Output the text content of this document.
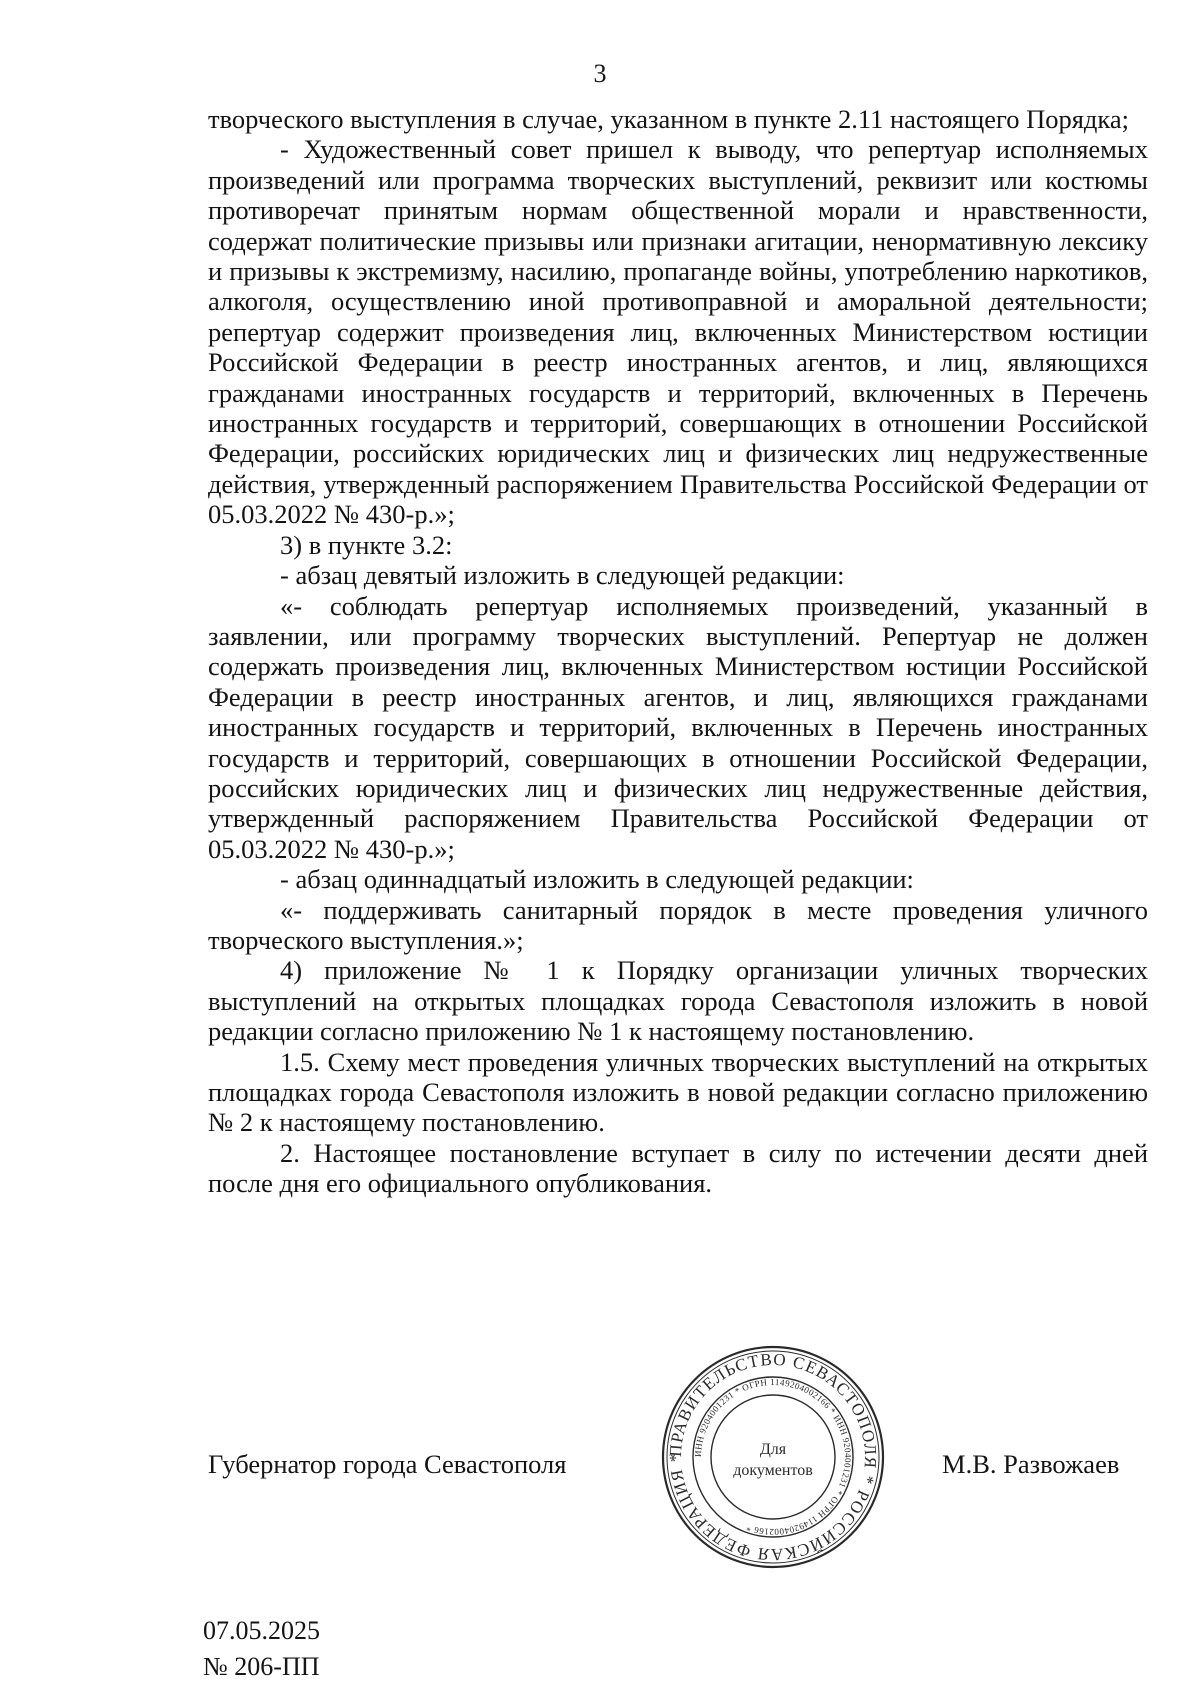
3

творческого выступления в случае, указанном в пункте 2.11 настоящего Порядка;

- Художественный совет пришел к выводу, что репертуар исполняемых произведений или программа творческих выступлений, реквизит или костюмы противоречат принятым нормам общественной морали и нравственности, содержат политические призывы или признаки агитации, ненормативную лексику и призывы к экстремизму, насилию, пропаганде войны, употреблению наркотиков, алкоголя, осуществлению иной противоправной и аморальной деятельности; репертуар содержит произведения лиц, включенных Министерством юстиции Российской Федерации в реестр иностранных агентов, и лиц, являющихся гражданами иностранных государств и территорий, включенных в Перечень иностранных государств и территорий, совершающих в отношении Российской Федерации, российских юридических лиц и физических лиц недружественные действия, утвержденный распоряжением Правительства Российской Федерации от 05.03.2022 № 430-р.»;

3) в пункте 3.2:

- абзац девятый изложить в следующей редакции:

«- соблюдать репертуар исполняемых произведений, указанный в заявлении, или программу творческих выступлений. Репертуар не должен содержать произведения лиц, включенных Министерством юстиции Российской Федерации в реестр иностранных агентов, и лиц, являющихся гражданами иностранных государств и территорий, включенных в Перечень иностранных государств и территорий, совершающих в отношении Российской Федерации, российских юридических лиц и физических лиц недружественные действия, утвержденный распоряжением Правительства Российской Федерации от 05.03.2022 № 430-р.»;

- абзац одиннадцатый изложить в следующей редакции:

«- поддерживать санитарный порядок в месте проведения уличного творческого выступления.»;

4) приложение № 1 к Порядку организации уличных творческих выступлений на открытых площадках города Севастополя изложить в новой редакции согласно приложению № 1 к настоящему постановлению.

1.5. Схему мест проведения уличных творческих выступлений на открытых площадках города Севастополя изложить в новой редакции согласно приложению № 2 к настоящему постановлению.

2. Настоящее постановление вступает в силу по истечении десяти дней после дня его официального опубликования.

Губернатор города Севастополя	М.В. Развожаев
ПРАВИТЕЛЬСТВО СЕВАСТОПОЛЯ * РОССИЙСКАЯ ФЕДЕРАЦИЯ * ИНН 9204001231 * ОГРН 1149204002166 * ИНН 9204001231 * ОГРН 1149204002166 *
Для
документов
07.05.2025
№ 206-ПП
